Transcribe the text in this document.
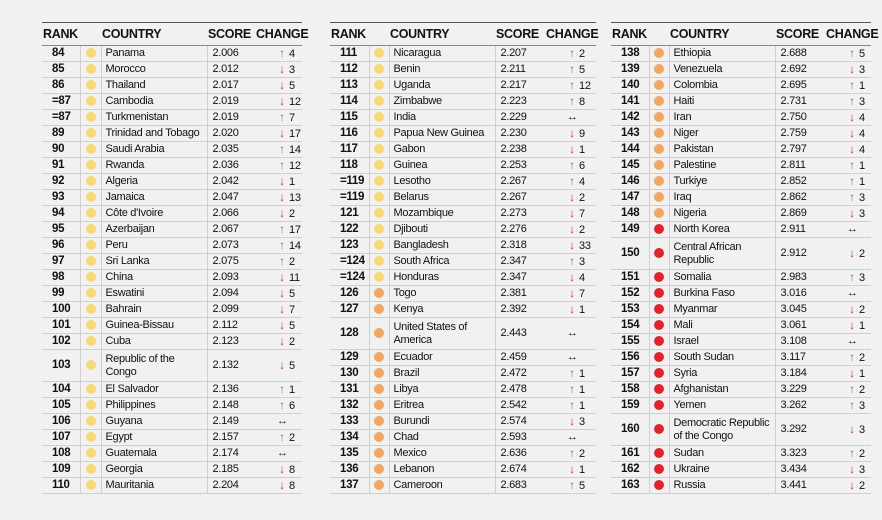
RANK		COUNTRY	SCORE	CHANGE
84		Panama	2.006	↑ 4
85		Morocco	2.012	↓ 3
86		Thailand	2.017	↓ 5
=87		Cambodia	2.019	↓ 12
=87		Turkmenistan	2.019	↑ 7
89		Trinidad and Tobago	2.020	↓ 17
90		Saudi Arabia	2.035	↑ 14
91		Rwanda	2.036	↑ 12
92		Algeria	2.042	↓ 1
93		Jamaica	2.047	↓ 13
94		Côte d'Ivoire	2.066	↓ 2
95		Azerbaijan	2.067	↑ 17
96		Peru	2.073	↑ 14
97		Sri Lanka	2.075	↑ 2
98		China	2.093	↓ 11
99		Eswatini	2.094	↓ 5
100		Bahrain	2.099	↓ 7
101		Guinea-Bissau	2.112	↓ 5
102		Cuba	2.123	↓ 2
103		Republic of the Congo	2.132	↓ 5
104		El Salvador	2.136	↑ 1
105		Philippines	2.148	↑ 6
106		Guyana	2.149	↔
107		Egypt	2.157	↑ 2
108		Guatemala	2.174	↔
109		Georgia	2.185	↓ 8
110		Mauritania	2.204	↓ 8
RANK		COUNTRY	SCORE	CHANGE
111		Nicaragua	2.207	↑ 2
112		Benin	2.211	↑ 5
113		Uganda	2.217	↑ 12
114		Zimbabwe	2.223	↑ 8
115		India	2.229	↔
116		Papua New Guinea	2.230	↓ 9
117		Gabon	2.238	↓ 1
118		Guinea	2.253	↑ 6
=119		Lesotho	2.267	↑ 4
=119		Belarus	2.267	↓ 2
121		Mozambique	2.273	↓ 7
122		Djibouti	2.276	↓ 2
123		Bangladesh	2.318	↓ 33
=124		South Africa	2.347	↑ 3
=124		Honduras	2.347	↓ 4
126		Togo	2.381	↓ 7
127		Kenya	2.392	↓ 1
128		United States of America	2.443	↔
129		Ecuador	2.459	↔
130		Brazil	2.472	↑ 1
131		Libya	2.478	↑ 1
132		Eritrea	2.542	↑ 1
133		Burundi	2.574	↓ 3
134		Chad	2.593	↔
135		Mexico	2.636	↑ 2
136		Lebanon	2.674	↓ 1
137		Cameroon	2.683	↑ 5
RANK		COUNTRY	SCORE	CHANGE
138		Ethiopia	2.688	↑ 5
139		Venezuela	2.692	↓ 3
140		Colombia	2.695	↑ 1
141		Haiti	2.731	↑ 3
142		Iran	2.750	↓ 4
143		Niger	2.759	↓ 4
144		Pakistan	2.797	↓ 4
145		Palestine	2.811	↑ 1
146		Turkiye	2.852	↑ 1
147		Iraq	2.862	↑ 3
148		Nigeria	2.869	↓ 3
149		North Korea	2.911	↔
150		Central African Republic	2.912	↓ 2
151		Somalia	2.983	↑ 3
152		Burkina Faso	3.016	↔
153		Myanmar	3.045	↓ 2
154		Mali	3.061	↓ 1
155		Israel	3.108	↔
156		South Sudan	3.117	↑ 2
157		Syria	3.184	↓ 1
158		Afghanistan	3.229	↑ 2
159		Yemen	3.262	↑ 3
160		Democratic Republic of the Congo	3.292	↓ 3
161		Sudan	3.323	↑ 2
162		Ukraine	3.434	↓ 3
163		Russia	3.441	↓ 2
